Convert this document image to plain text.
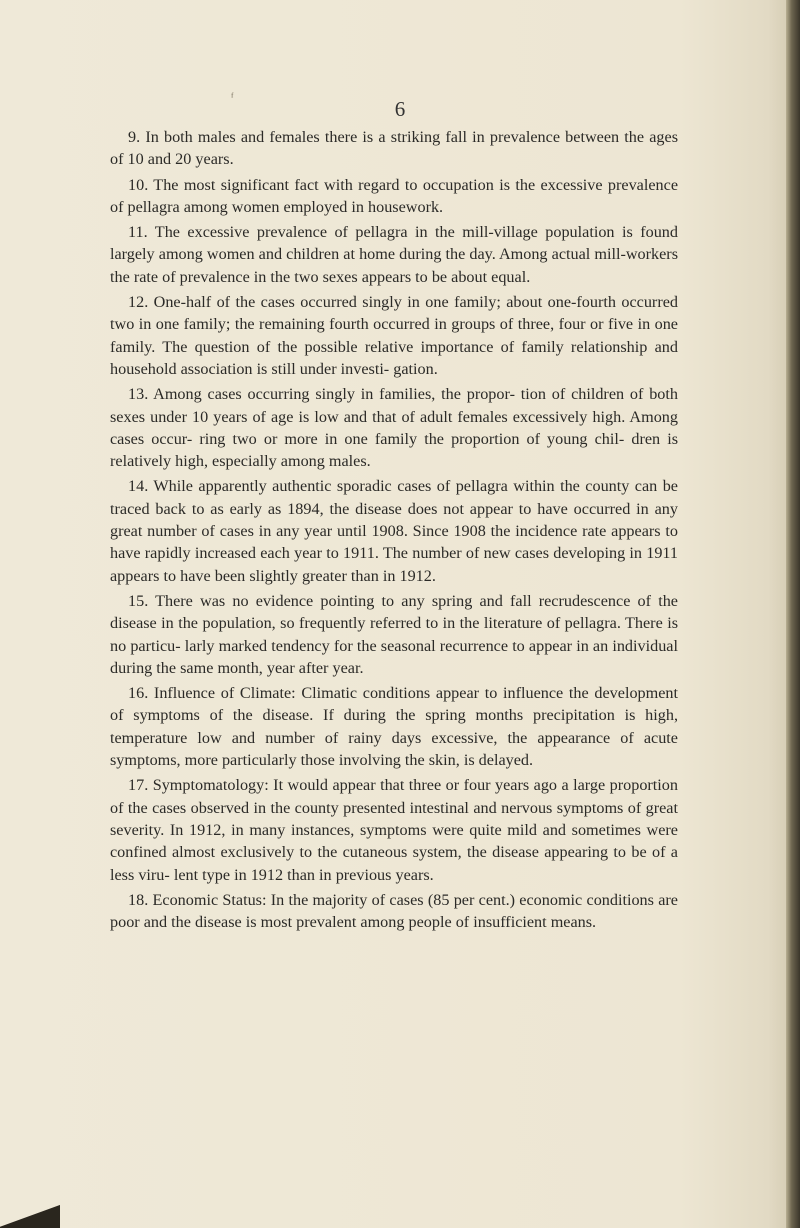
ᶠ	6

9. In both males and females there is a striking fall in prevalence between the ages of 10 and 20 years.

10. The most significant fact with regard to occupation is the excessive prevalence of pellagra among women employed in housework.

11. The excessive prevalence of pellagra in the mill-village population is found largely among women and children at home during the day. Among actual mill-workers the rate of prevalence in the two sexes appears to be about equal.

12. One-half of the cases occurred singly in one family; about one-fourth occurred two in one family; the remaining fourth occurred in groups of three, four or five in one family. The question of the possible relative importance of family relationship and household association is still under investi- gation.

13. Among cases occurring singly in families, the propor- tion of children of both sexes under 10 years of age is low and that of adult females excessively high. Among cases occur- ring two or more in one family the proportion of young chil- dren is relatively high, especially among males.

14. While apparently authentic sporadic cases of pellagra within the county can be traced back to as early as 1894, the disease does not appear to have occurred in any great number of cases in any year until 1908. Since 1908 the incidence rate appears to have rapidly increased each year to 1911. The number of new cases developing in 1911 appears to have been slightly greater than in 1912.

15. There was no evidence pointing to any spring and fall recrudescence of the disease in the population, so frequently referred to in the literature of pellagra. There is no particu- larly marked tendency for the seasonal recurrence to appear in an individual during the same month, year after year.

16. Influence of Climate: Climatic conditions appear to influence the development of symptoms of the disease. If during the spring months precipitation is high, temperature low and number of rainy days excessive, the appearance of acute symptoms, more particularly those involving the skin, is delayed.

17. Symptomatology: It would appear that three or four years ago a large proportion of the cases observed in the county presented intestinal and nervous symptoms of great severity. In 1912, in many instances, symptoms were quite mild and sometimes were confined almost exclusively to the cutaneous system, the disease appearing to be of a less viru- lent type in 1912 than in previous years.

18. Economic Status: In the majority of cases (85 per cent.) economic conditions are poor and the disease is most prevalent among people of insufficient means.
